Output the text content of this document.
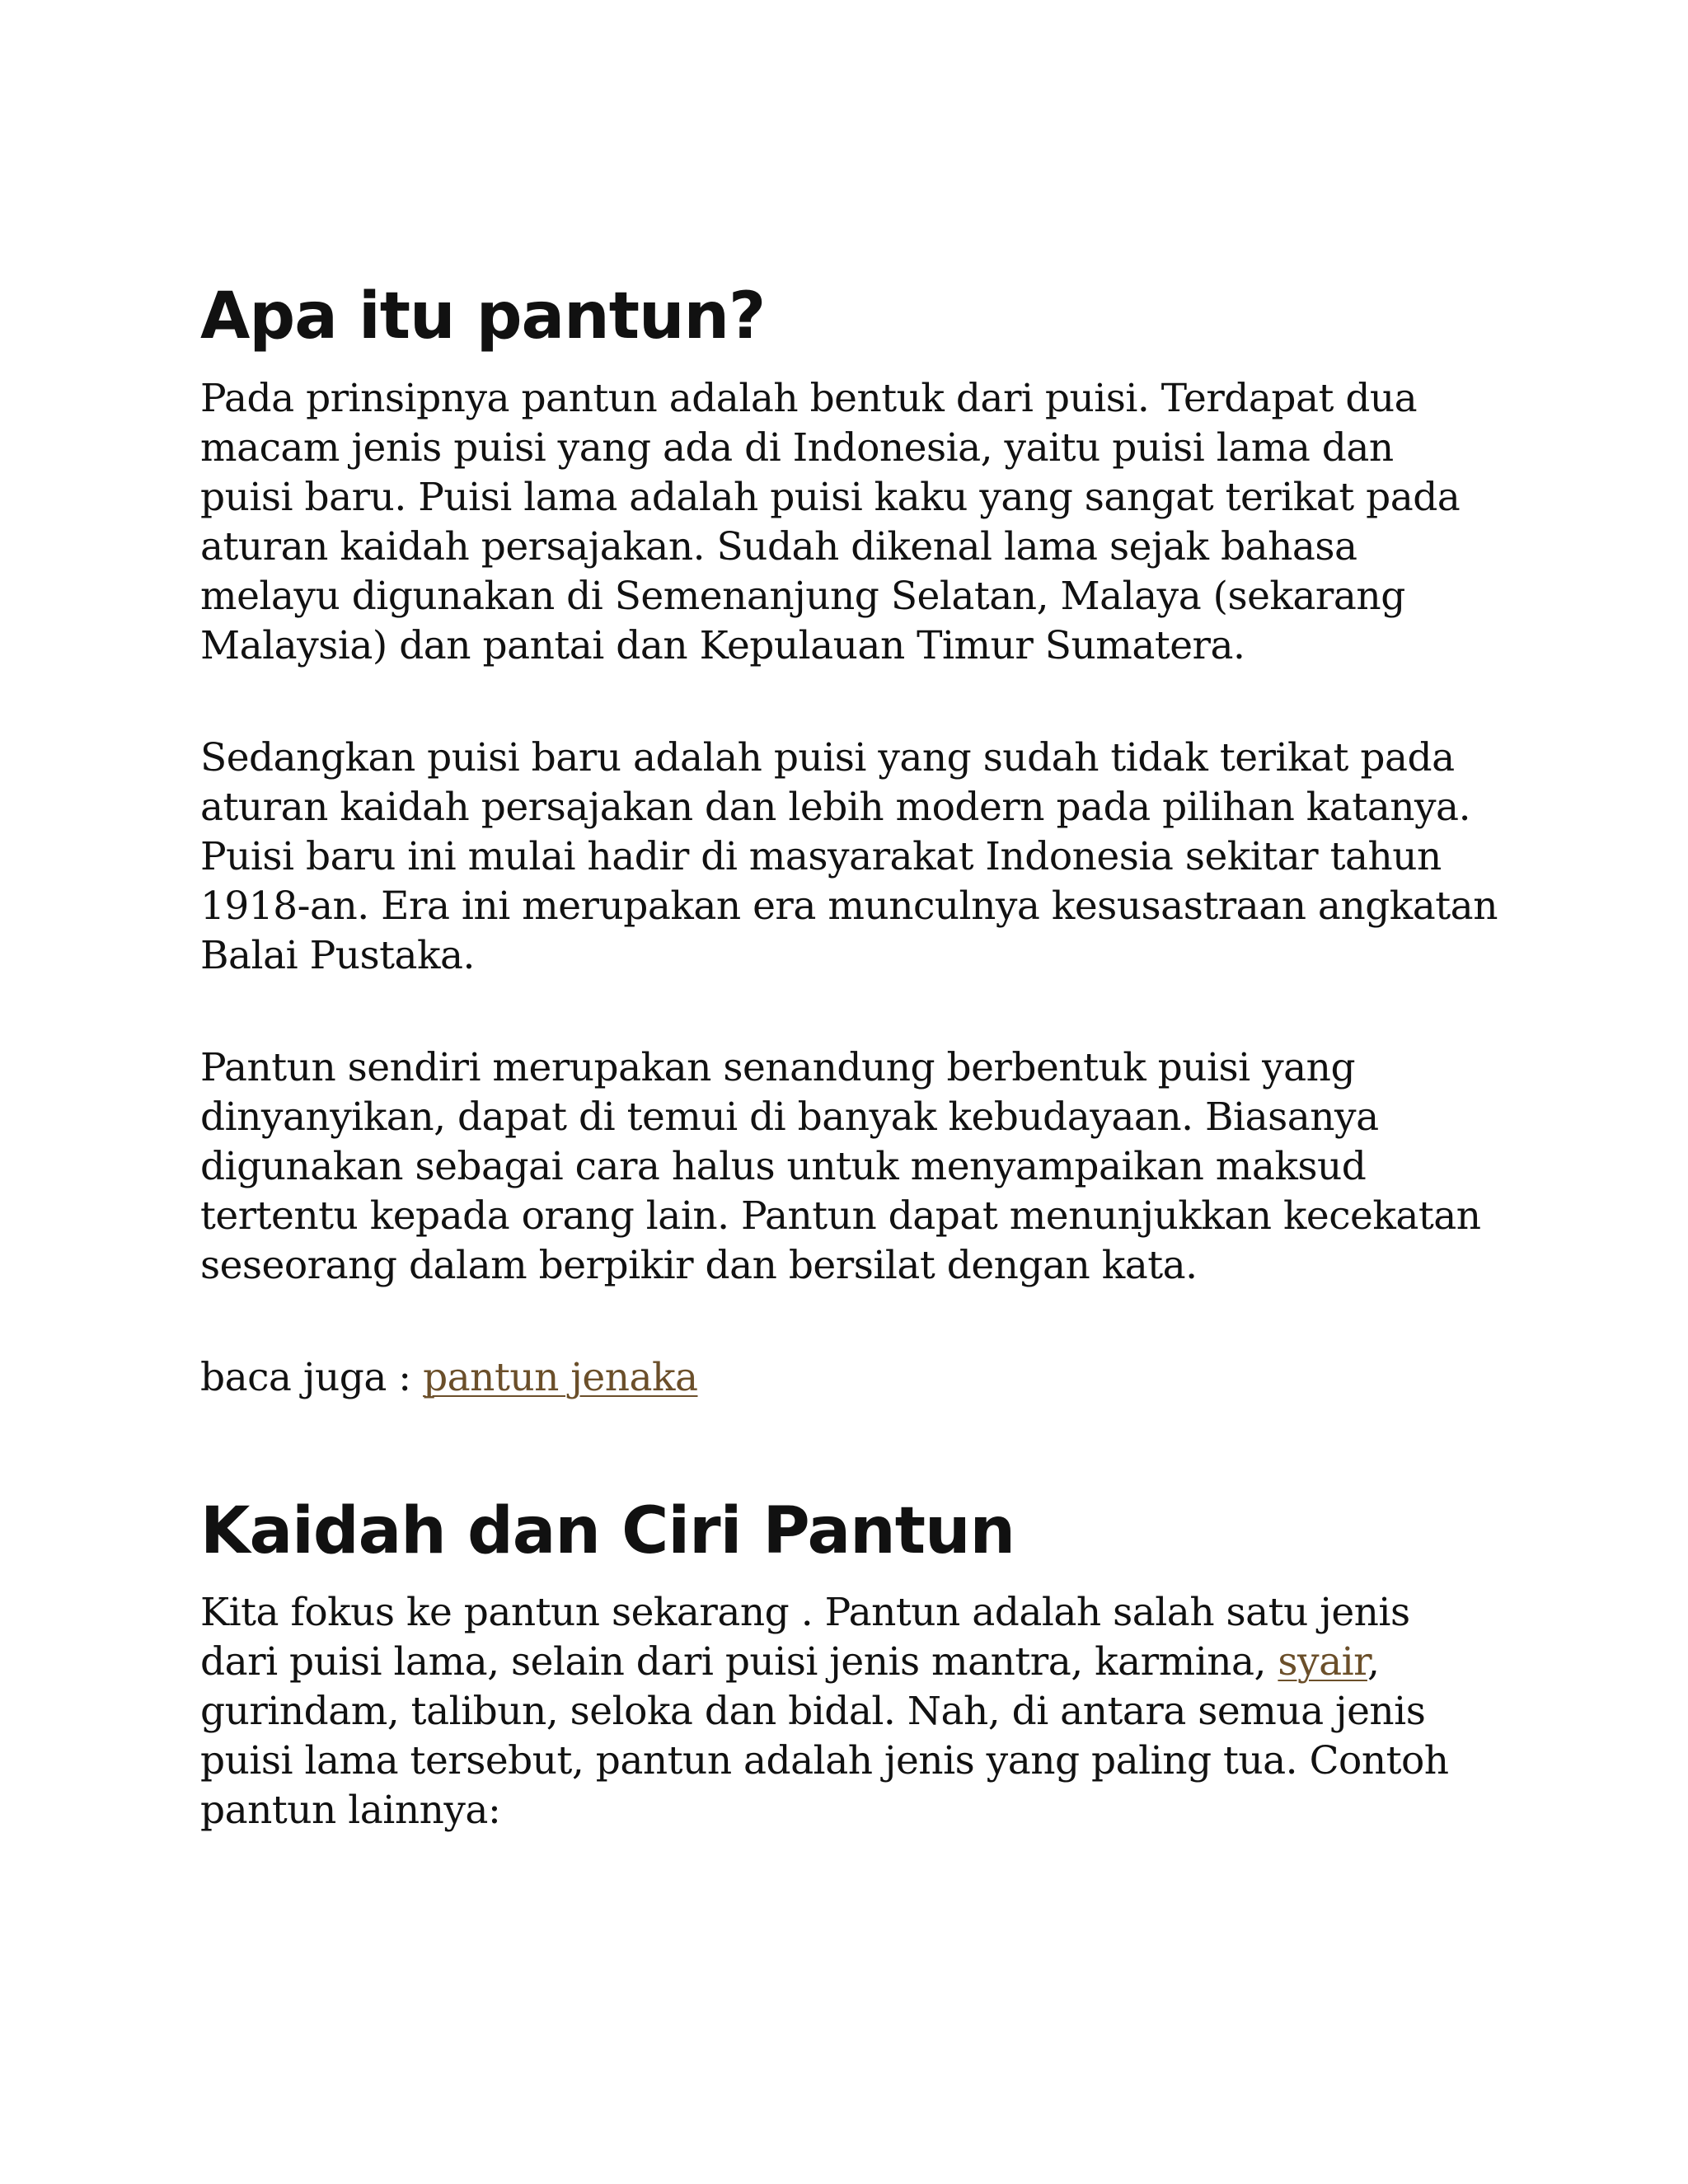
Apa itu pantun?

Pada prinsipnya pantun adalah bentuk dari puisi. Terdapat dua
macam jenis puisi yang ada di Indonesia, yaitu puisi lama dan
puisi baru. Puisi lama adalah puisi kaku yang sangat terikat pada
aturan kaidah persajakan. Sudah dikenal lama sejak bahasa
melayu digunakan di Semenanjung Selatan, Malaya (sekarang
Malaysia) dan pantai dan Kepulauan Timur Sumatera.

Sedangkan puisi baru adalah puisi yang sudah tidak terikat pada
aturan kaidah persajakan dan lebih modern pada pilihan katanya.
Puisi baru ini mulai hadir di masyarakat Indonesia sekitar tahun
1918-an. Era ini merupakan era munculnya kesusastraan angkatan
Balai Pustaka.

Pantun sendiri merupakan senandung berbentuk puisi yang
dinyanyikan, dapat di temui di banyak kebudayaan. Biasanya
digunakan sebagai cara halus untuk menyampaikan maksud
tertentu kepada orang lain. Pantun dapat menunjukkan kecekatan
seseorang dalam berpikir dan bersilat dengan kata.

baca juga : pantun jenaka

Kaidah dan Ciri Pantun

Kita fokus ke pantun sekarang . Pantun adalah salah satu jenis
dari puisi lama, selain dari puisi jenis mantra, karmina, syair,
gurindam, talibun, seloka dan bidal. Nah, di antara semua jenis
puisi lama tersebut, pantun adalah jenis yang paling tua. Contoh
pantun lainnya:
